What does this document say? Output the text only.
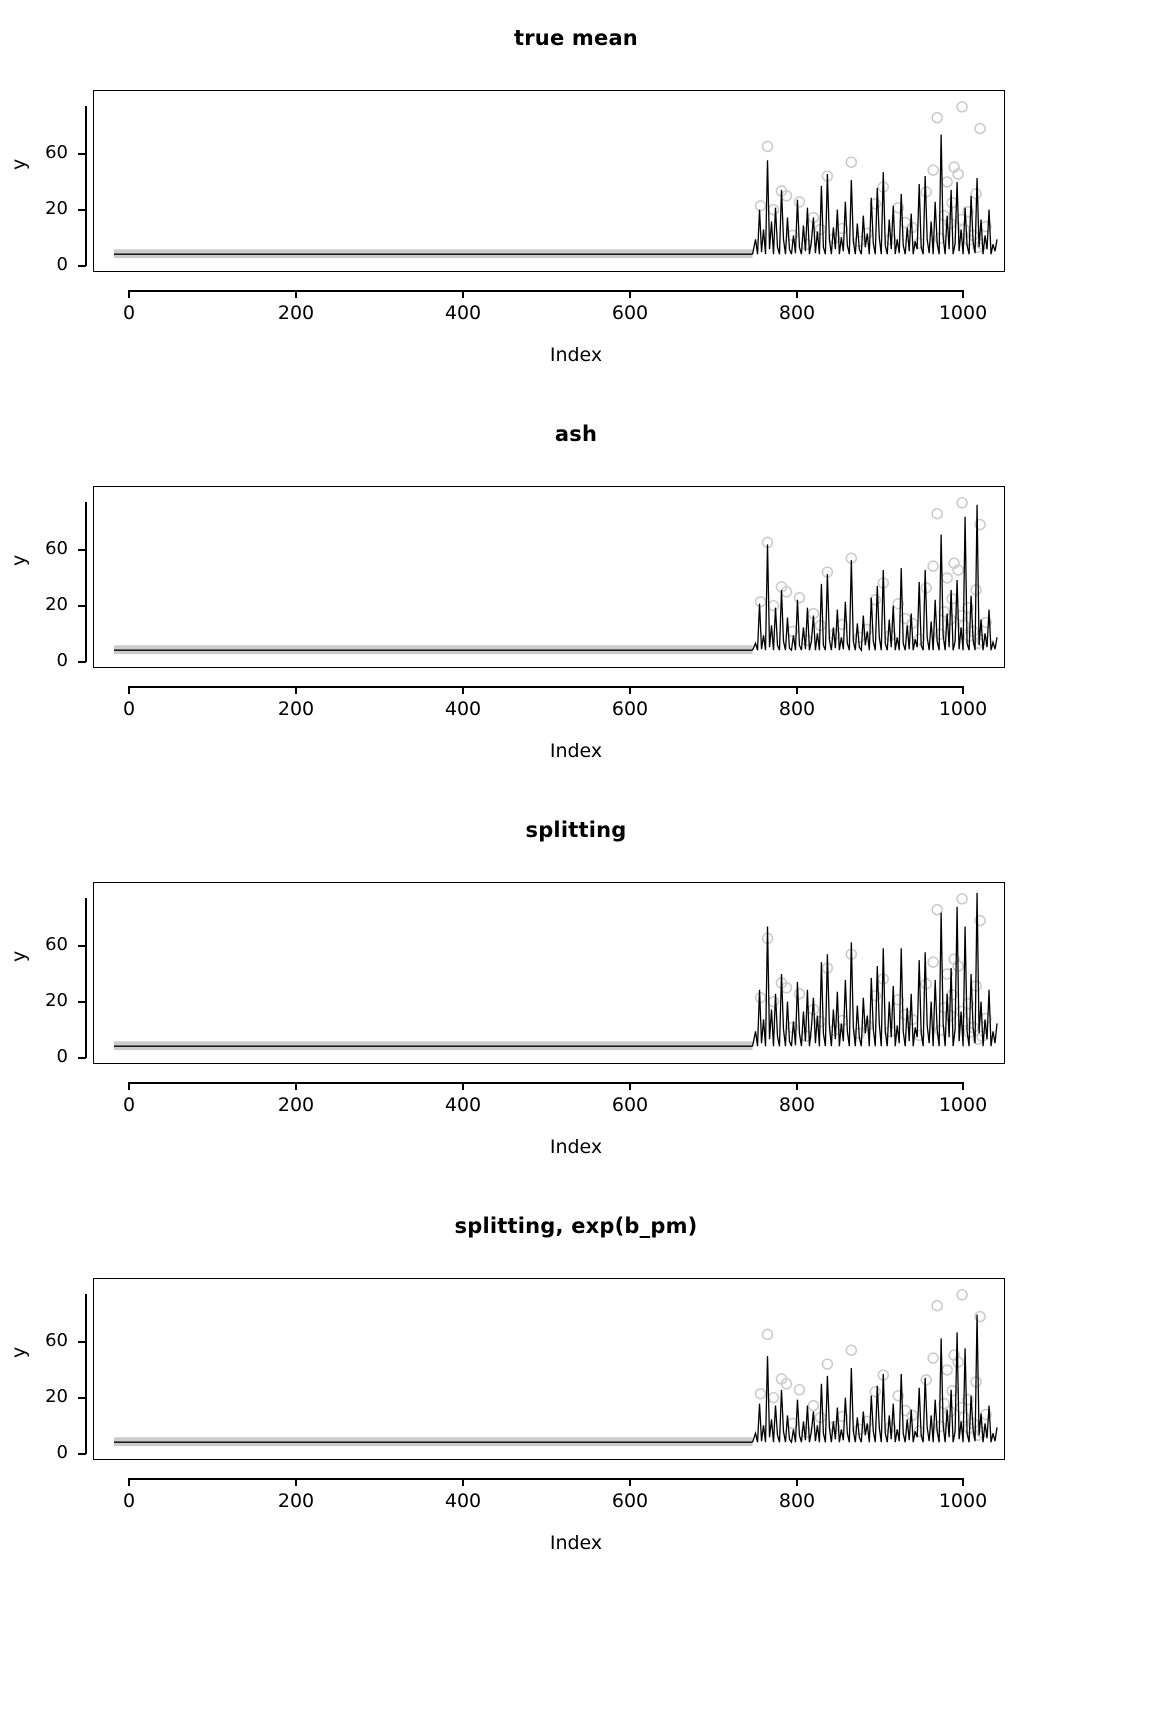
true mean
60
20
0
y
0	200	400	600	800	1000
Index
ash
60
20
0
y
0	200	400	600	800	1000
Index
splitting
60
20
0
y
0	200	400	600	800	1000
Index
splitting, exp(b_pm)
60
20
0
y
0	200	400	600	800	1000
Index
